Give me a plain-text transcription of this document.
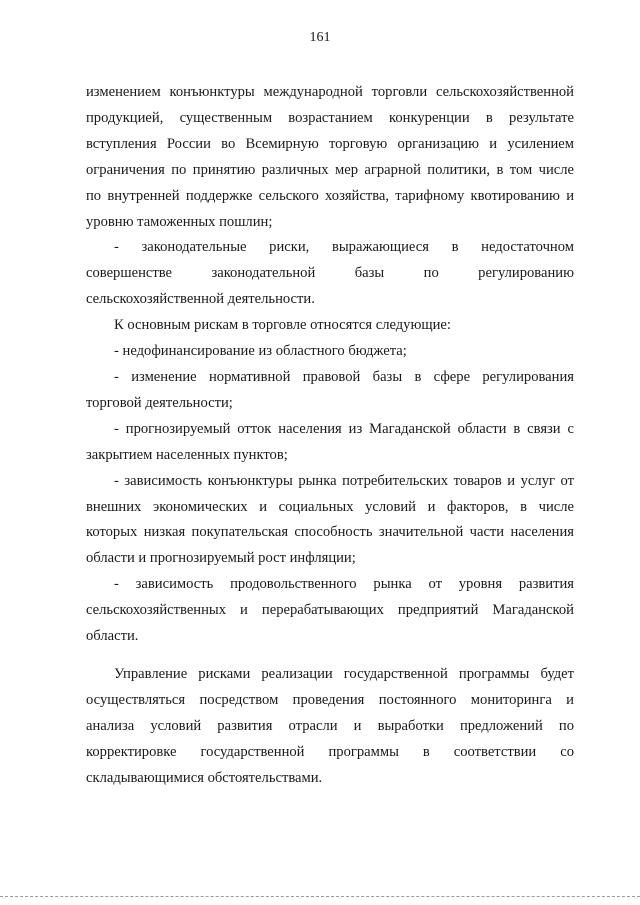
161

изменением конъюнктуры международной торговли сельскохозяйственной
продукцией, существенным возрастанием конкуренции в результате
вступления России во Всемирную торговую организацию и усилением
ограничения по принятию различных мер аграрной политики, в том числе
по внутренней поддержке сельского хозяйства, тарифному квотированию и
уровню таможенных пошлин;

- законодательные риски, выражающиеся в недостаточном
совершенстве законодательной базы по регулированию
сельскохозяйственной деятельности.

К основным рискам в торговле относятся следующие:

- недофинансирование из областного бюджета;

- изменение нормативной правовой базы в сфере регулирования
торговой деятельности;

- прогнозируемый отток населения из Магаданской области в связи с
закрытием населенных пунктов;

- зависимость конъюнктуры рынка потребительских товаров и услуг от
внешних экономических и социальных условий и факторов, в числе
которых низкая покупательская способность значительной части населения
области и прогнозируемый рост инфляции;

- зависимость продовольственного рынка от уровня развития
сельскохозяйственных и перерабатывающих предприятий Магаданской
области.

Управление рисками реализации государственной программы будет
осуществляться посредством проведения постоянного мониторинга и
анализа условий развития отрасли и выработки предложений по
корректировке государственной программы в соответствии со
складывающимися обстоятельствами.
